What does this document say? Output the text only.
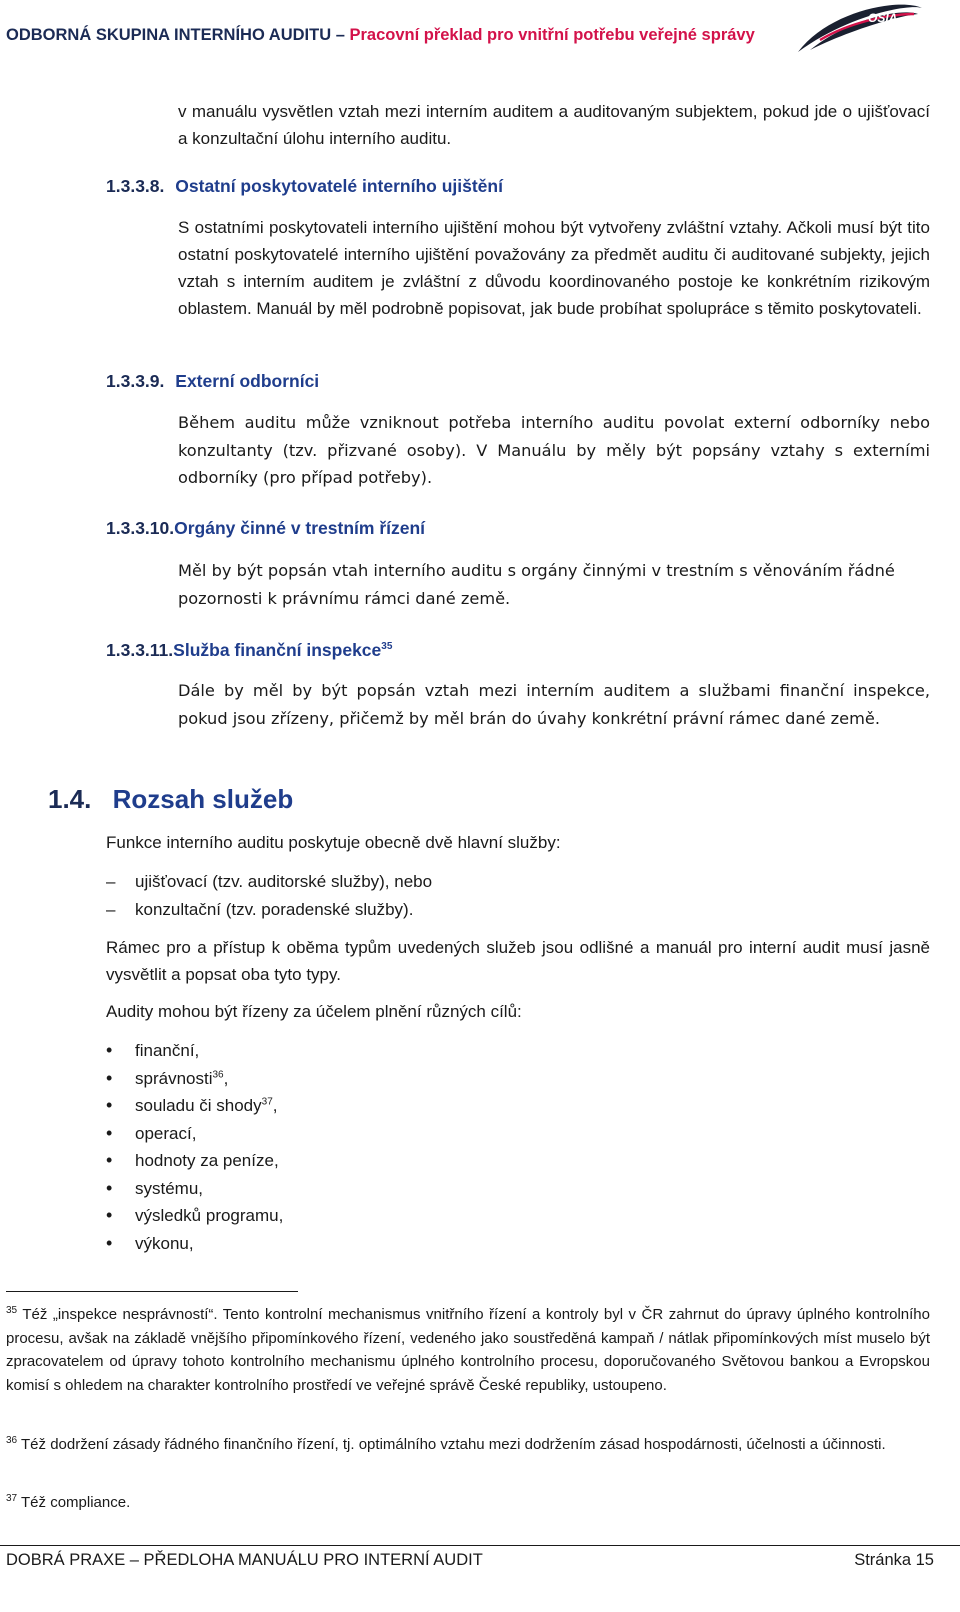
ODBORNÁ SKUPINA INTERNÍHO AUDITU – Pracovní překlad pro vnitřní potřebu veřejné správy
OSIA
v manuálu vysvětlen vztah mezi interním auditem a auditovaným subjektem, pokud jde o ujišťovací a konzultační úlohu interního auditu.
1.3.3.8. Ostatní poskytovatelé interního ujištění
S ostatními poskytovateli interního ujištění mohou být vytvořeny zvláštní vztahy. Ačkoli musí být tito ostatní poskytovatelé interního ujištění považovány za předmět auditu či auditované subjekty, jejich vztah s interním auditem je zvláštní z důvodu koordinovaného postoje ke konkrétním rizikovým oblastem. Manuál by měl podrobně popisovat, jak bude probíhat spolupráce s těmito poskytovateli.
1.3.3.9. Externí odborníci
Během auditu může vzniknout potřeba interního auditu povolat externí odborníky nebo konzultanty (tzv. přizvané osoby). V Manuálu by měly být popsány vztahy s externími odborníky (pro případ potřeby).
1.3.3.10.Orgány činné v trestním řízení
Měl by být popsán vtah interního auditu s orgány činnými v trestním s věnováním řádné pozornosti k právnímu rámci dané země.
1.3.3.11.Služba finanční inspekce$^{35}$
Dále by měl by být popsán vztah mezi interním auditem a službami finanční inspekce, pokud jsou zřízeny, přičemž by měl brán do úvahy konkrétní právní rámec dané země.
1.4. Rozsah služeb
Funkce interního auditu poskytuje obecně dvě hlavní služby:
– ujišťovací (tzv. auditorské služby), nebo
– konzultační (tzv. poradenské služby).
Rámec pro a přístup k oběma typům uvedených služeb jsou odlišné a manuál pro interní audit musí jasně vysvětlit a popsat oba tyto typy.
Audity mohou být řízeny za účelem plnění různých cílů:
• finanční,
• správnosti$^{36}$,
• souladu či shody$^{37}$,
• operací,
• hodnoty za peníze,
• systému,
• výsledků programu,
• výkonu,
$^{35}$ Též „inspekce nesprávností“. Tento kontrolní mechanismus vnitřního řízení a kontroly byl v ČR zahrnut do úpravy úplného kontrolního procesu, avšak na základě vnějšího připomínkového řízení, vedeného jako soustředěná kampaň / nátlak připomínkových míst muselo být zpracovatelem od úpravy tohoto kontrolního mechanismu úplného kontrolního procesu, doporučovaného Světovou bankou a Evropskou komisí s ohledem na charakter kontrolního prostředí ve veřejné správě České republiky, ustoupeno.
$^{36}$ Též dodržení zásady řádného finančního řízení, tj. optimálního vztahu mezi dodržením zásad hospodárnosti, účelnosti a účinnosti.
$^{37}$ Též compliance.
DOBRÁ PRAXE – PŘEDLOHA MANUÁLU PRO INTERNÍ AUDIT	Stránka 15
